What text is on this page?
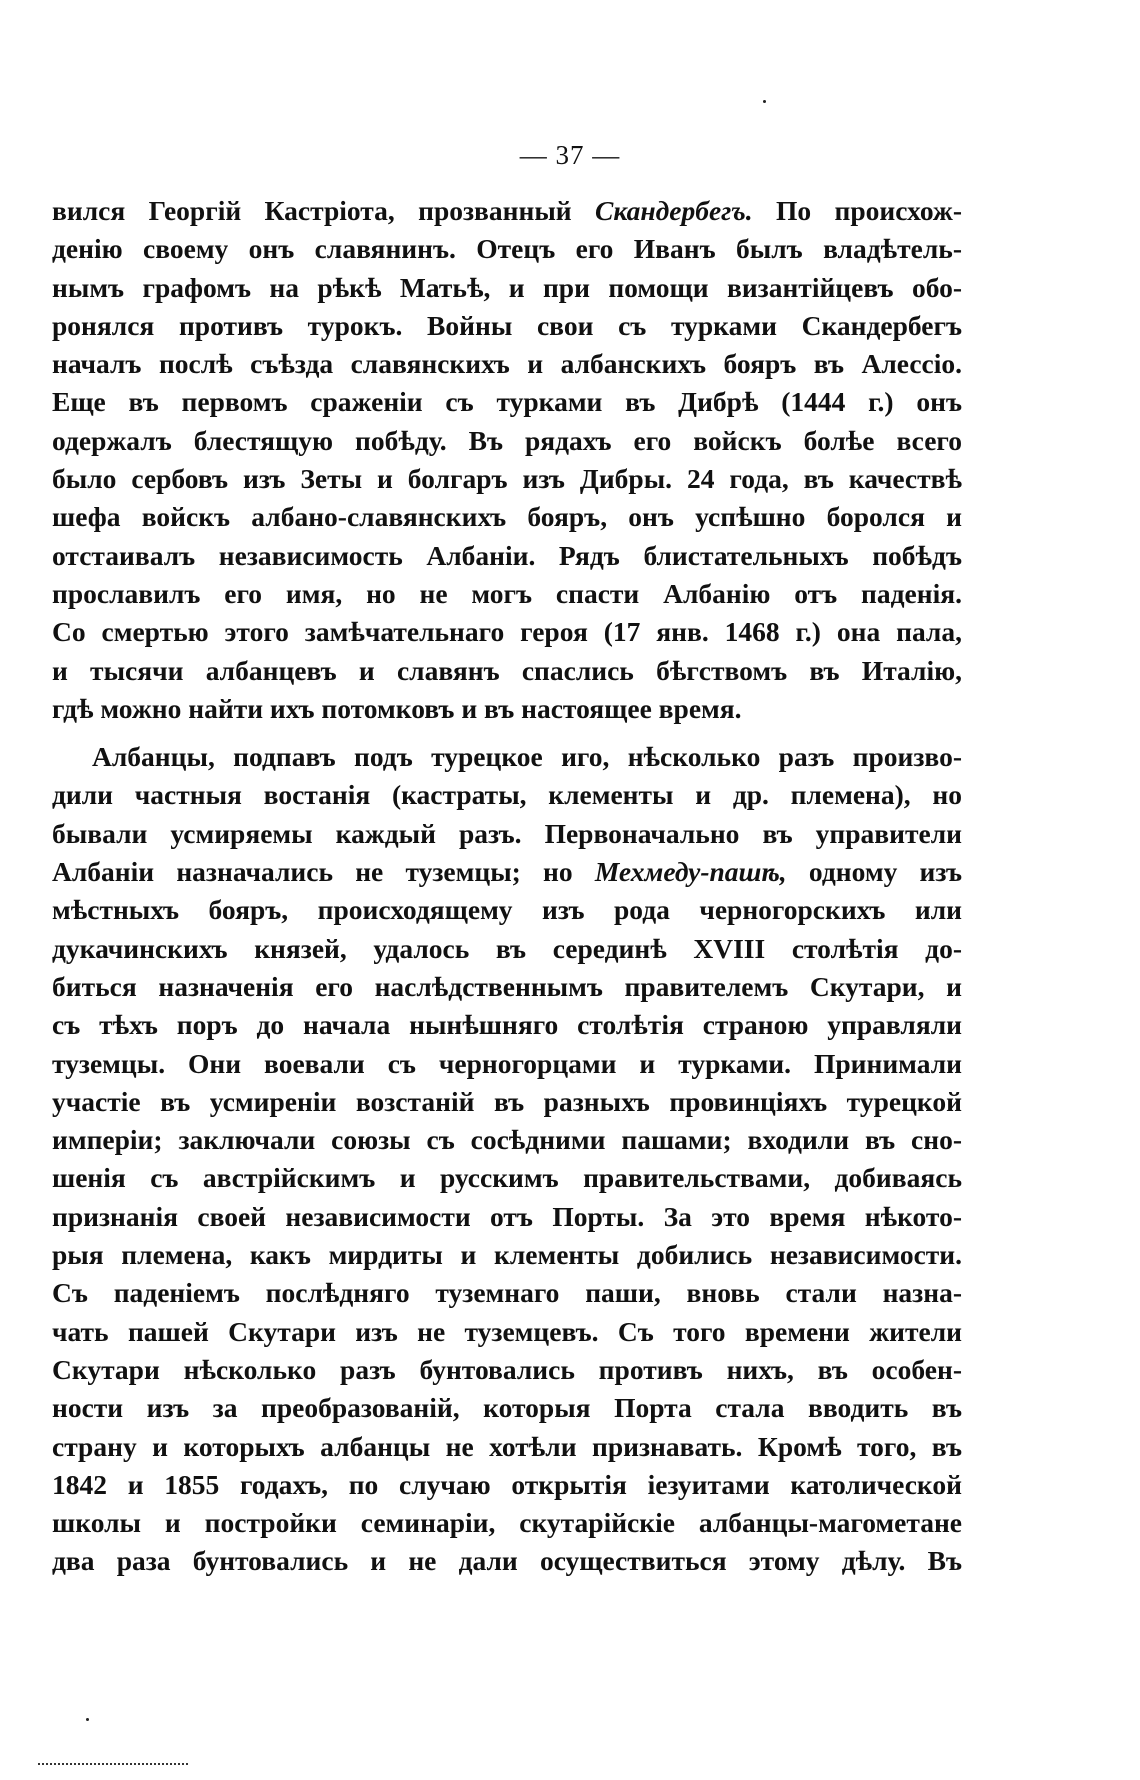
— 37 —
вился Георгій Кастріота, прозванный Скандербегъ. По происхож-
денію своему онъ славянинъ. Отецъ его Иванъ былъ владѣтель-
нымъ графомъ на рѣкѣ Матьѣ, и при помощи византійцевъ обо-
ронялся противъ турокъ. Войны свои съ турками Скандербегъ
началъ послѣ съѣзда славянскихъ и албанскихъ бояръ въ Алессіо.
Еще въ первомъ сраженіи съ турками въ Дибрѣ (1444 г.) онъ
одержалъ блестящую побѣду. Въ рядахъ его войскъ болѣе всего
было сербовъ изъ Зеты и болгаръ изъ Дибры. 24 года, въ качествѣ
шефа войскъ албано-славянскихъ бояръ, онъ успѣшно боролся и
отстаивалъ независимость Албаніи. Рядъ блистательныхъ побѣдъ
прославилъ его имя, но не могъ спасти Албанію отъ паденія.
Со смертью этого замѣчательнаго героя (17 янв. 1468 г.) она пала,
и тысячи албанцевъ и славянъ спаслись бѣгствомъ въ Италію,
гдѣ можно найти ихъ потомковъ и въ настоящее время.
Албанцы, подпавъ подъ турецкое иго, нѣсколько разъ произво-
дили частныя востанія (кастраты, клементы и др. племена), но
бывали усмиряемы каждый разъ. Первоначально въ управители
Албаніи назначались не туземцы; но Мехмеду-пашѣ, одному изъ
мѣстныхъ бояръ, происходящему изъ рода черногорскихъ или
дукачинскихъ князей, удалось въ серединѣ XVIII столѣтія до-
биться назначенія его наслѣдственнымъ правителемъ Скутари, и
съ тѣхъ поръ до начала нынѣшняго столѣтія страною управляли
туземцы. Они воевали съ черногорцами и турками. Принимали
участіе въ усмиреніи возстаній въ разныхъ провинціяхъ турецкой
имперіи; заключали союзы съ сосѣдними пашами; входили въ сно-
шенія съ австрійскимъ и русскимъ правительствами, добиваясь
признанія своей независимости отъ Порты. За это время нѣкото-
рыя племена, какъ мирдиты и клементы добились независимости.
Съ паденіемъ послѣдняго туземнаго паши, вновь стали назна-
чать пашей Скутари изъ не туземцевъ. Съ того времени жители
Скутари нѣсколько разъ бунтовались противъ нихъ, въ особен-
ности изъ за преобразованій, которыя Порта стала вводить въ
страну и которыхъ албанцы не хотѣли признавать. Кромѣ того, въ
1842 и 1855 годахъ, по случаю открытія іезуитами католической
школы и постройки семинаріи, скутарійскіе албанцы-магометане
два раза бунтовались и не дали осуществиться этому дѣлу. Въ
